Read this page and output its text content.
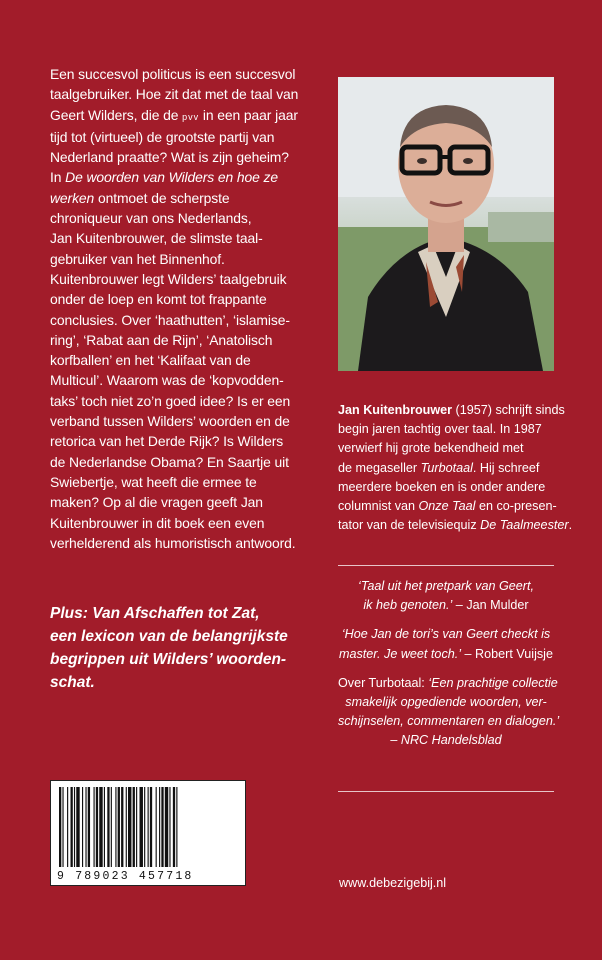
Een succesvol politicus is een succesvol
taalgebruiker. Hoe zit dat met de taal van
Geert Wilders, die de pvv in een paar jaar
tijd tot (virtueel) de grootste partij van
Nederland praatte? Wat is zijn geheim?
In De woorden van Wilders en hoe ze
werken ontmoet de scherpste
chroniqueur van ons Nederlands,
Jan Kuitenbrouwer, de slimste taal-
gebruiker van het Binnenhof.
Kuitenbrouwer legt Wilders’ taalgebruik
onder de loep en komt tot frappante
conclusies. Over ‘haathutten’, ‘islamise-
ring’, ‘Rabat aan de Rijn’, ‘Anatolisch
korfballen’ en het ‘Kalifaat van de
Multicul’. Waarom was de ‘kopvodden-
taks’ toch niet zo’n goed idee? Is er een
verband tussen Wilders’ woorden en de
retorica van het Derde Rijk? Is Wilders
de Nederlandse Obama? En Saartje uit
Swiebertje, wat heeft die ermee te
maken? Op al die vragen geeft Jan
Kuitenbrouwer in dit boek een even
verhelderend als humoristisch antwoord.

Plus: Van Afschaffen tot Zat,
een lexicon van de belangrijkste
begrippen uit Wilders’ woorden-
schat.
Jan Kuitenbrouwer (1957) schrijft sinds
begin jaren tachtig over taal. In 1987
verwierf hij grote bekendheid met
de megaseller Turbotaal. Hij schreef
meerdere boeken en is onder andere
columnist van Onze Taal en co-presen-
tator van de televisiequiz De Taalmeester.
‘Taal uit het pretpark van Geert,
ik heb genoten.’ – Jan Mulder
‘Hoe Jan de tori’s van Geert checkt is
master. Je weet toch.’ – Robert Vuijsje
Over Turbotaal: ‘Een prachtige collectie
smakelijk opgediende woorden, ver-
schijnselen, commentaren en dialogen.’
– NRC Handelsblad
9 789023 457718	www.debezigebij.nl
